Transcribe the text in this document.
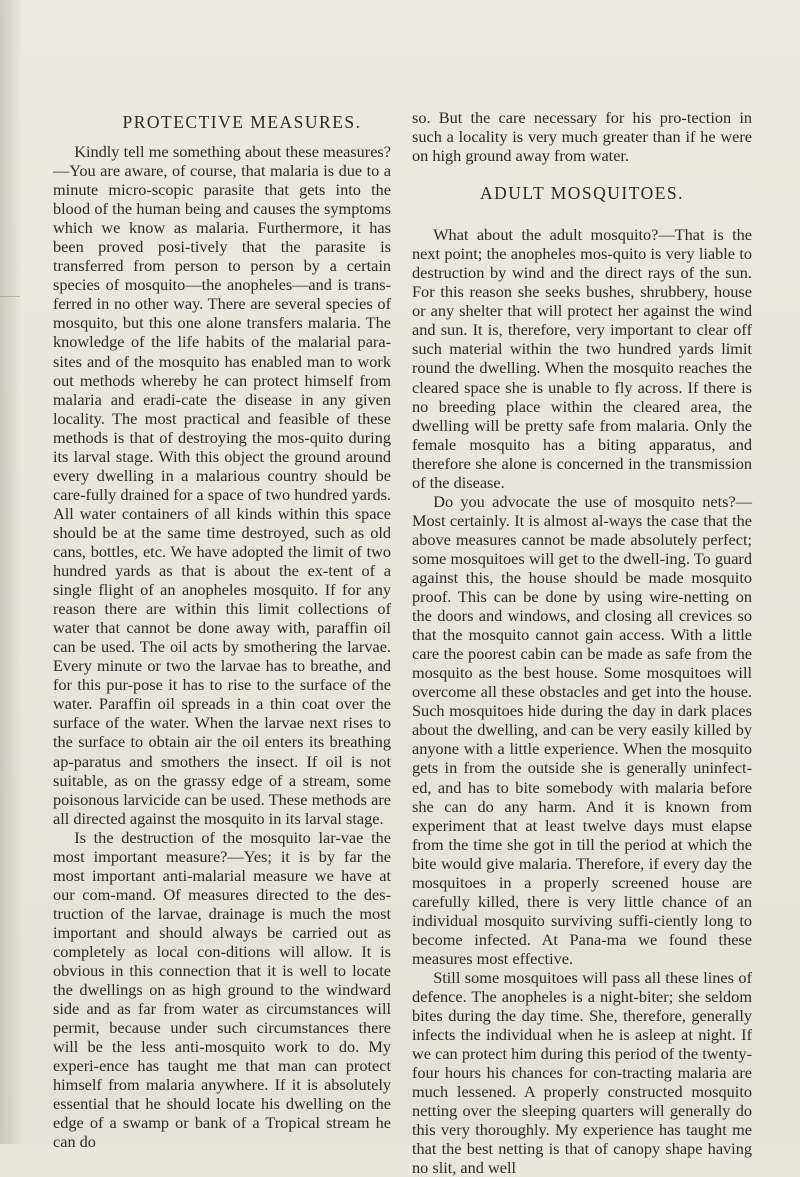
PROTECTIVE MEASURES.

Kindly tell me something about these measures?—You are aware, of course, that malaria is due to a minute micro-scopic parasite that gets into the blood of the human being and causes the symptoms which we know as malaria. Furthermore, it has been proved posi-tively that the parasite is transferred from person to person by a certain species of mosquito—the anopheles—and is trans-ferred in no other way. There are several species of mosquito, but this one alone transfers malaria. The knowledge of the life habits of the malarial para-sites and of the mosquito has enabled man to work out methods whereby he can protect himself from malaria and eradi-cate the disease in any given locality. The most practical and feasible of these methods is that of destroying the mos-quito during its larval stage. With this object the ground around every dwelling in a malarious country should be care-fully drained for a space of two hundred yards. All water containers of all kinds within this space should be at the same time destroyed, such as old cans, bottles, etc. We have adopted the limit of two hundred yards as that is about the ex-tent of a single flight of an anopheles mosquito. If for any reason there are within this limit collections of water that cannot be done away with, paraffin oil can be used. The oil acts by smothering the larvae. Every minute or two the larvae has to breathe, and for this pur-pose it has to rise to the surface of the water. Paraffin oil spreads in a thin coat over the surface of the water. When the larvae next rises to the surface to obtain air the oil enters its breathing ap-paratus and smothers the insect. If oil is not suitable, as on the grassy edge of a stream, some poisonous larvicide can be used. These methods are all directed against the mosquito in its larval stage.

Is the destruction of the mosquito lar-vae the most important measure?—Yes; it is by far the most important anti-malarial measure we have at our com-mand. Of measures directed to the des-truction of the larvae, drainage is much the most important and should always be carried out as completely as local con-ditions will allow. It is obvious in this connection that it is well to locate the dwellings on as high ground to the windward side and as far from water as circumstances will permit, because under such circumstances there will be the less anti-mosquito work to do. My experi-ence has taught me that man can protect himself from malaria anywhere. If it is absolutely essential that he should locate his dwelling on the edge of a swamp or bank of a Tropical stream he can do

so. But the care necessary for his pro-tection in such a locality is very much greater than if he were on high ground away from water.

ADULT MOSQUITOES.

What about the adult mosquito?—That is the next point; the anopheles mos-quito is very liable to destruction by wind and the direct rays of the sun. For this reason she seeks bushes, shrubbery, house or any shelter that will protect her against the wind and sun. It is, therefore, very important to clear off such material within the two hundred yards limit round the dwelling. When the mosquito reaches the cleared space she is unable to fly across. If there is no breeding place within the cleared area, the dwelling will be pretty safe from malaria. Only the female mosquito has a biting apparatus, and therefore she alone is concerned in the transmission of the disease.

Do you advocate the use of mosquito nets?—Most certainly. It is almost al-ways the case that the above measures cannot be made absolutely perfect; some mosquitoes will get to the dwell-ing. To guard against this, the house should be made mosquito proof. This can be done by using wire-netting on the doors and windows, and closing all crevices so that the mosquito cannot gain access. With a little care the poorest cabin can be made as safe from the mosquito as the best house. Some mosquitoes will overcome all these obstacles and get into the house. Such mosquitoes hide during the day in dark places about the dwelling, and can be very easily killed by anyone with a little experience. When the mosquito gets in from the outside she is generally uninfect-ed, and has to bite somebody with malaria before she can do any harm. And it is known from experiment that at least twelve days must elapse from the time she got in till the period at which the bite would give malaria. Therefore, if every day the mosquitoes in a properly screened house are carefully killed, there is very little chance of an individual mosquito surviving suffi-ciently long to become infected. At Pana-ma we found these measures most effective.

Still some mosquitoes will pass all these lines of defence. The anopheles is a night-biter; she seldom bites during the day time. She, therefore, generally infects the individual when he is asleep at night. If we can protect him during this period of the twenty-four hours his chances for con-tracting malaria are much lessened. A properly constructed mosquito netting over the sleeping quarters will generally do this very thoroughly. My experience has taught me that the best netting is that of canopy shape having no slit, and well
